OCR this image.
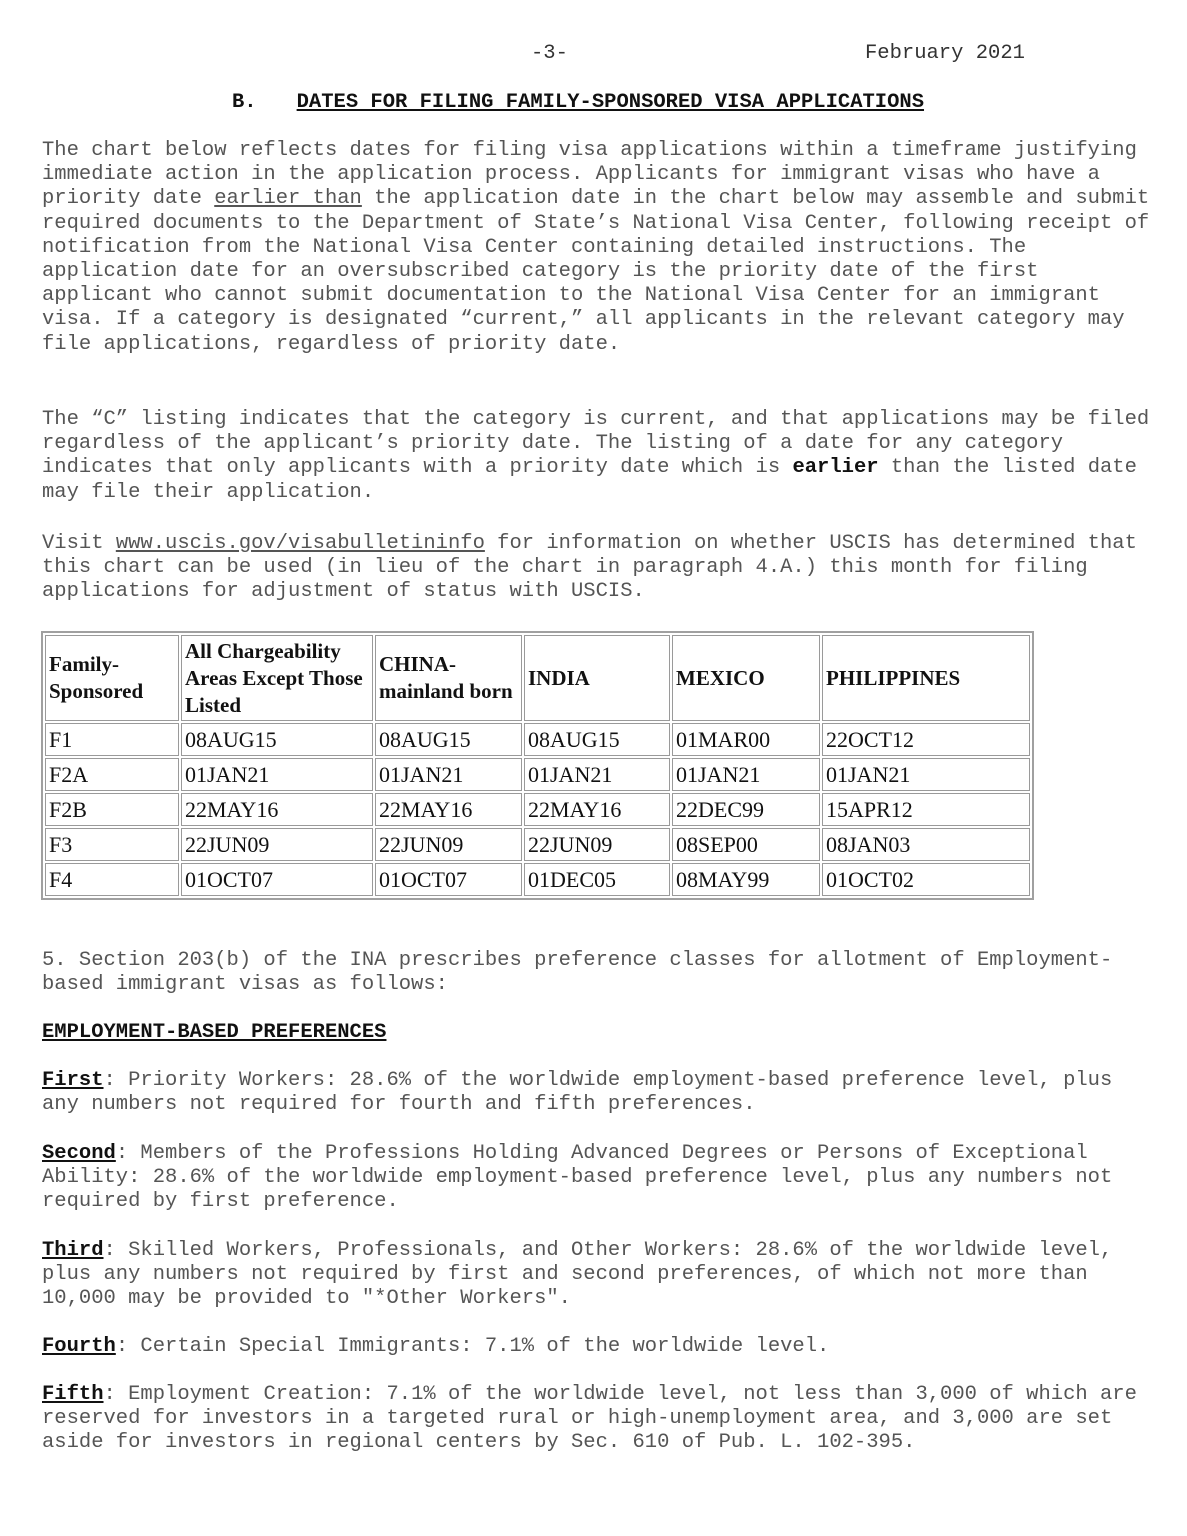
-3-	February 2021
B. DATES FOR FILING FAMILY-SPONSORED VISA APPLICATIONS

The chart below reflects dates for filing visa applications within a timeframe justifying immediate action in the application process. Applicants for immigrant visas who have a priority date earlier than the application date in the chart below may assemble and submit required documents to the Department of State’s National Visa Center, following receipt of notification from the National Visa Center containing detailed instructions. The application date for an oversubscribed category is the priority date of the first applicant who cannot submit documentation to the National Visa Center for an immigrant visa. If a category is designated “current,” all applicants in the relevant category may file applications, regardless of priority date.

The “C” listing indicates that the category is current, and that applications may be filed regardless of the applicant’s priority date. The listing of a date for any category indicates that only applicants with a priority date which is earlier than the listed date may file their application.

Visit www.uscis.gov/visabulletininfo for information on whether USCIS has determined that this chart can be used (in lieu of the chart in paragraph 4.A.) this month for filing applications for adjustment of status with USCIS.

Family-Sponsored	All Chargeability Areas Except Those Listed	CHINA-mainland born	INDIA	MEXICO	PHILIPPINES
F1	08AUG15	08AUG15	08AUG15	01MAR00	22OCT12
F2A	01JAN21	01JAN21	01JAN21	01JAN21	01JAN21
F2B	22MAY16	22MAY16	22MAY16	22DEC99	15APR12
F3	22JUN09	22JUN09	22JUN09	08SEP00	08JAN03
F4	01OCT07	01OCT07	01DEC05	08MAY99	01OCT02

5. Section 203(b) of the INA prescribes preference classes for allotment of Employment-based immigrant visas as follows:

EMPLOYMENT-BASED PREFERENCES

First: Priority Workers: 28.6% of the worldwide employment-based preference level, plus any numbers not required for fourth and fifth preferences.

Second: Members of the Professions Holding Advanced Degrees or Persons of Exceptional Ability: 28.6% of the worldwide employment-based preference level, plus any numbers not required by first preference.

Third: Skilled Workers, Professionals, and Other Workers: 28.6% of the worldwide level, plus any numbers not required by first and second preferences, of which not more than 10,000 may be provided to "*Other Workers".

Fourth: Certain Special Immigrants: 7.1% of the worldwide level.

Fifth: Employment Creation: 7.1% of the worldwide level, not less than 3,000 of which are reserved for investors in a targeted rural or high-unemployment area, and 3,000 are set aside for investors in regional centers by Sec. 610 of Pub. L. 102-395.
